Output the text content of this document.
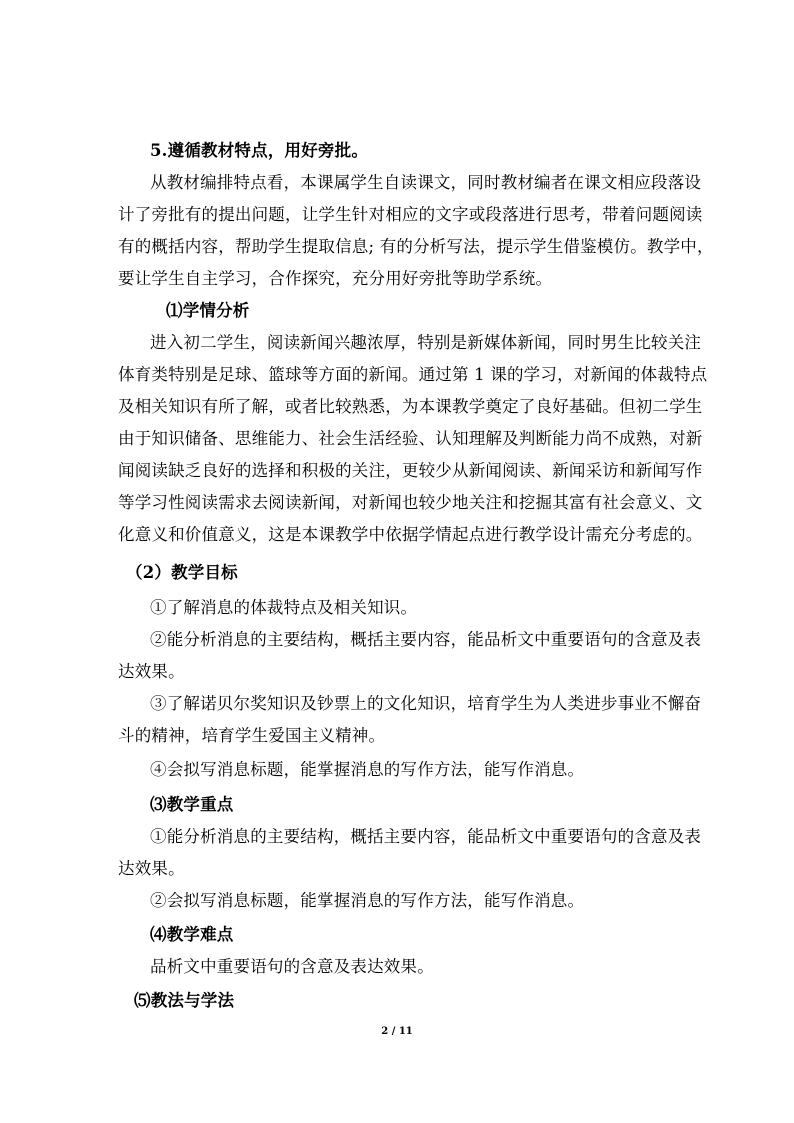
5.遵循教材特点，用好旁批。
从教材编排特点看，本课属学生自读课文，同时教材编者在课文相应段落设
计了旁批有的提出问题，让学生针对相应的文字或段落进行思考，带着问题阅读
有的概括内容，帮助学生提取信息; 有的分析写法，提示学生借鉴模仿。教学中，
要让学生自主学习，合作探究，充分用好旁批等助学系统。
⑴学情分析
进入初二学生，阅读新闻兴趣浓厚，特别是新媒体新闻，同时男生比较关注
体育类特别是足球、篮球等方面的新闻。通过第 1 课的学习，对新闻的体裁特点
及相关知识有所了解，或者比较熟悉，为本课教学奠定了良好基础。但初二学生
由于知识储备、思维能力、社会生活经验、认知理解及判断能力尚不成熟，对新
闻阅读缺乏良好的选择和积极的关注，更较少从新闻阅读、新闻采访和新闻写作
等学习性阅读需求去阅读新闻，对新闻也较少地关注和挖掘其富有社会意义、文
化意义和价值意义，这是本课教学中依据学情起点进行教学设计需充分考虑的。
（2）教学目标
①了解消息的体裁特点及相关知识。
②能分析消息的主要结构，概括主要内容，能品析文中重要语句的含意及表
达效果。
③了解诺贝尔奖知识及钞票上的文化知识，培育学生为人类进步事业不懈奋
斗的精神，培育学生爱国主义精神。
④会拟写消息标题，能掌握消息的写作方法，能写作消息。
⑶教学重点
①能分析消息的主要结构，概括主要内容，能品析文中重要语句的含意及表
达效果。
②会拟写消息标题，能掌握消息的写作方法，能写作消息。
⑷教学难点
品析文中重要语句的含意及表达效果。
⑸教法与学法
2 / 11
